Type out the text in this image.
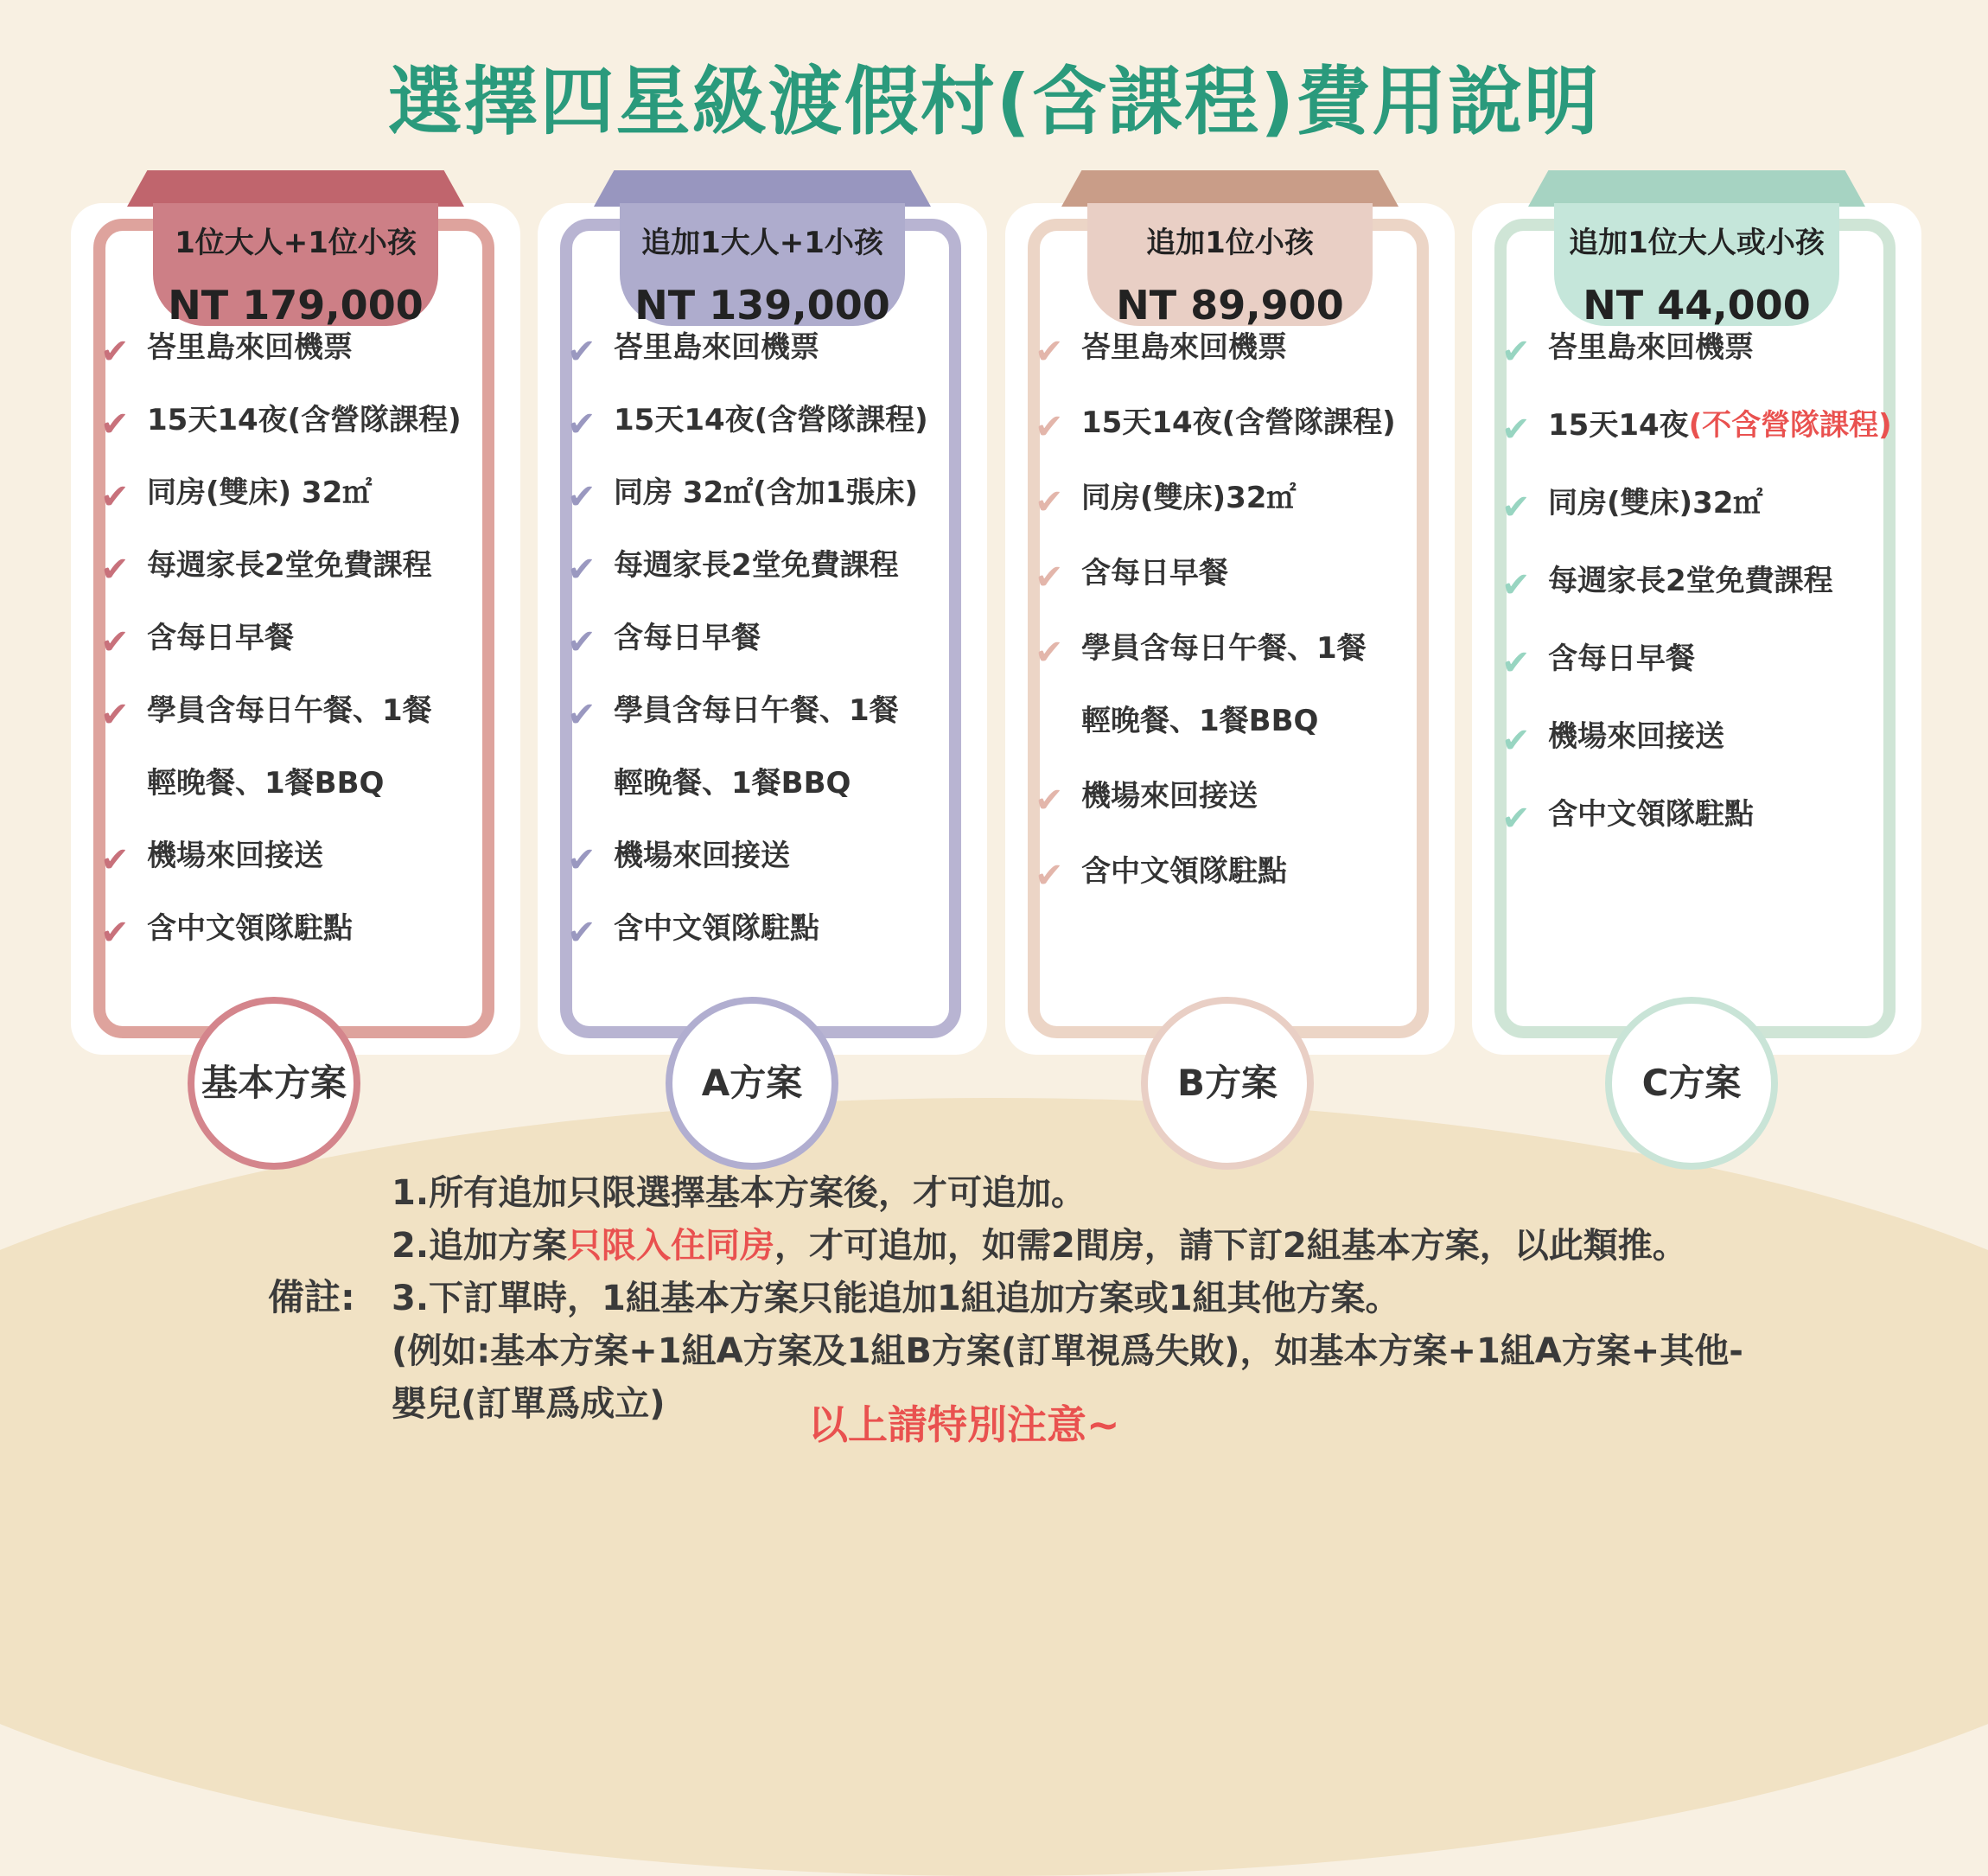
選擇四星級渡假村(含課程)費用說明
1位大人+1位小孩
NT 179,000
✔ 峇里島來回機票
✔ 15天14夜(含營隊課程)
✔ 同房(雙床) 32㎡
✔ 每週家長2堂免費課程
✔ 含每日早餐
✔ 學員含每日午餐、1餐
輕晚餐、1餐BBQ
✔ 機場來回接送
✔ 含中文領隊駐點
追加1大人+1小孩
NT 139,000
✔ 峇里島來回機票
✔ 15天14夜(含營隊課程)
✔ 同房 32㎡(含加1張床)
✔ 每週家長2堂免費課程
✔ 含每日早餐
✔ 學員含每日午餐、1餐
輕晚餐、1餐BBQ
✔ 機場來回接送
✔ 含中文領隊駐點
追加1位小孩
NT 89,900
✔ 峇里島來回機票
✔ 15天14夜(含營隊課程)
✔ 同房(雙床)32㎡
✔ 含每日早餐
✔ 學員含每日午餐、1餐
輕晚餐、1餐BBQ
✔ 機場來回接送
✔ 含中文領隊駐點
追加1位大人或小孩
NT 44,000
✔ 峇里島來回機票
✔ 15天14夜(不含營隊課程)
✔ 同房(雙床)32㎡
✔ 每週家長2堂免費課程
✔ 含每日早餐
✔ 機場來回接送
✔ 含中文領隊駐點
備註:
1.所有追加只限選擇基本方案後，才可追加。
2.追加方案只限入住同房，才可追加，如需2間房，請下訂2組基本方案，以此類推。
3.下訂單時，1組基本方案只能追加1組追加方案或1組其他方案。
(例如:基本方案+1組A方案及1組B方案(訂單視爲失敗)，如基本方案+1組A方案+其他-
嬰兒(訂單爲成立)	以上請特別注意~
基本方案	A方案	B方案	C方案
